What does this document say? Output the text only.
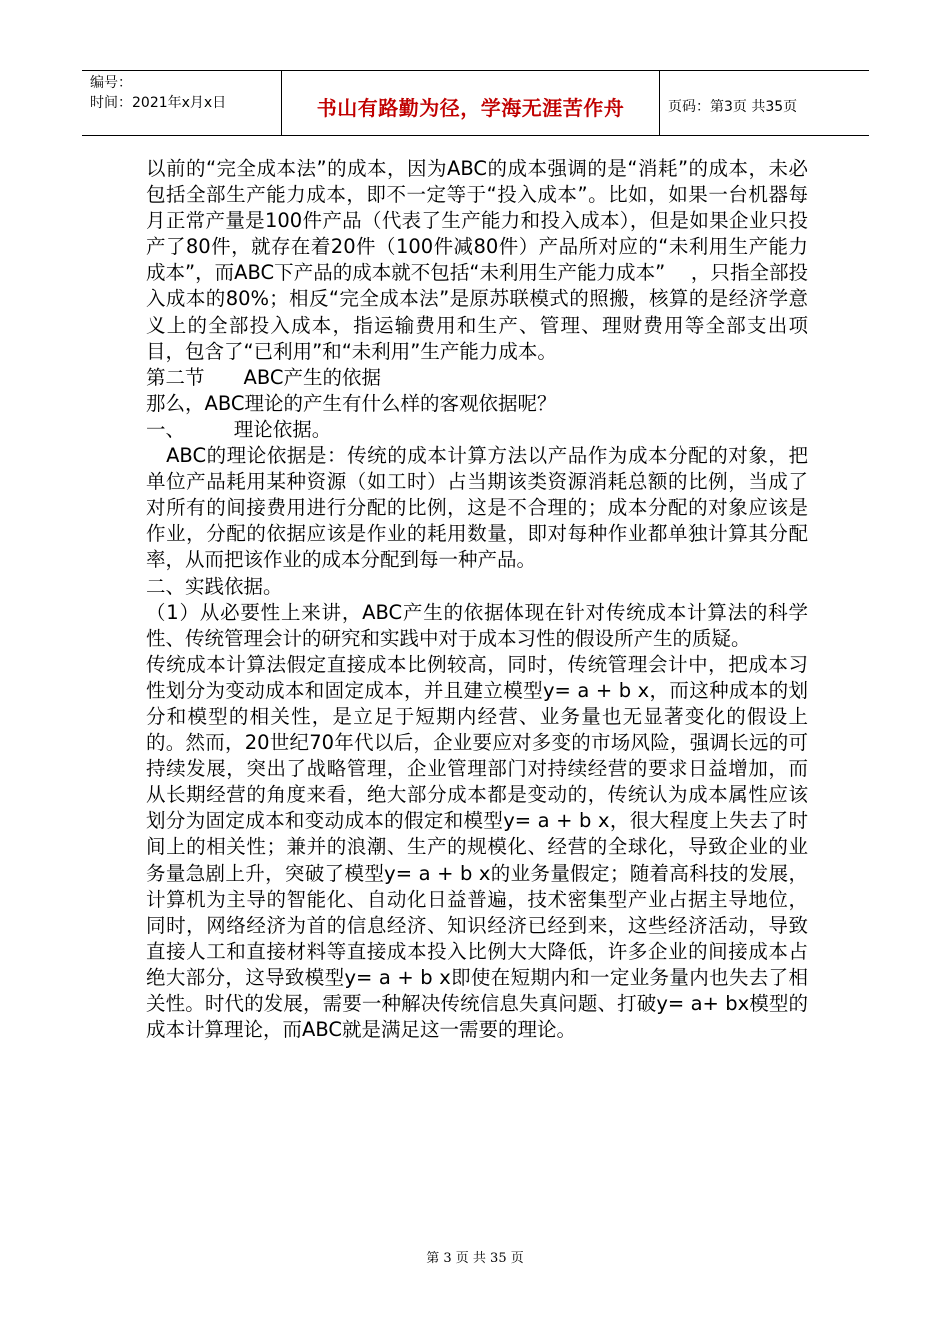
编号：
时间：2021年x月x日	书山有路勤为径，学海无涯苦作舟	页码：第3页 共35页

以前的“完全成本法”的成本，因为ABC的成本强调的是“消耗”的成本，未必包括全部生产能力成本，即不一定等于“投入成本”。比如，如果一台机器每月正常产量是100件产品（代表了生产能力和投入成本），但是如果企业只投产了80件，就存在着20件（100件减80件）产品所对应的“未利用生产能力成本”，而ABC下产品的成本就不包括“未利用生产能力成本”　 ，只指全部投入成本的80%；相反“完全成本法”是原苏联模式的照搬，核算的是经济学意义上的全部投入成本，指运输费用和生产、管理、理财费用等全部支出项目，包含了“已利用”和“未利用”生产能力成本。

第二节　　ABC产生的依据

那么，ABC理论的产生有什么样的客观依据呢？

一、　　　理论依据。

　ABC的理论依据是：传统的成本计算方法以产品作为成本分配的对象，把单位产品耗用某种资源（如工时）占当期该类资源消耗总额的比例，当成了对所有的间接费用进行分配的比例，这是不合理的；成本分配的对象应该是作业，分配的依据应该是作业的耗用数量，即对每种作业都单独计算其分配率，从而把该作业的成本分配到每一种产品。

二、实践依据。

（1）从必要性上来讲，ABC产生的依据体现在针对传统成本计算法的科学性、传统管理会计的研究和实践中对于成本习性的假设所产生的质疑。

传统成本计算法假定直接成本比例较高，同时，传统管理会计中，把成本习性划分为变动成本和固定成本，并且建立模型y= a + b x，而这种成本的划分和模型的相关性，是立足于短期内经营、业务量也无显著变化的假设上的。然而，20世纪70年代以后，企业要应对多变的市场风险，强调长远的可持续发展，突出了战略管理，企业管理部门对持续经营的要求日益增加，而从长期经营的角度来看，绝大部分成本都是变动的，传统认为成本属性应该划分为固定成本和变动成本的假定和模型y= a + b x，很大程度上失去了时间上的相关性；兼并的浪潮、生产的规模化、经营的全球化，导致企业的业务量急剧上升，突破了模型y= a + b x的业务量假定；随着高科技的发展，计算机为主导的智能化、自动化日益普遍，技术密集型产业占据主导地位，同时，网络经济为首的信息经济、知识经济已经到来，这些经济活动，导致直接人工和直接材料等直接成本投入比例大大降低，许多企业的间接成本占绝大部分，这导致模型y= a + b x即使在短期内和一定业务量内也失去了相关性。时代的发展，需要一种解决传统信息失真问题、打破y= a+ bx模型的成本计算理论，而ABC就是满足这一需要的理论。

第 3 页 共 35 页
